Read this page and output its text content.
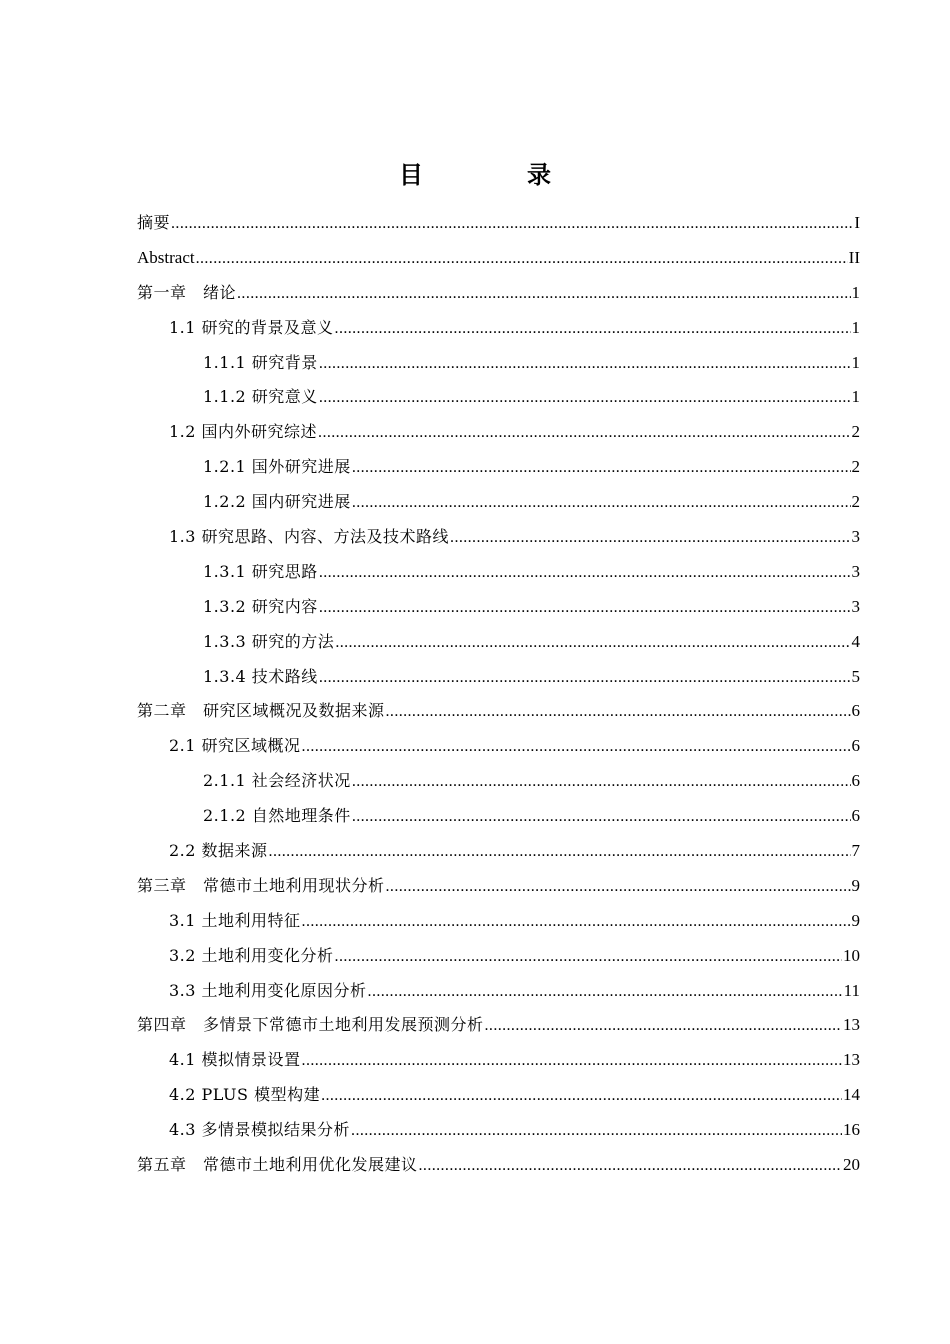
目　录
摘要 .....	I
Abstract .....	II
第一章　绪论 .....	1
1.1 研究的背景及意义 .....	1
1.1.1 研究背景 .....	1
1.1.2 研究意义 .....	1
1.2 国内外研究综述 .....	2
1.2.1 国外研究进展 .....	2
1.2.2 国内研究进展 .....	2
1.3 研究思路、内容、方法及技术路线 .....	3
1.3.1 研究思路 .....	3
1.3.2 研究内容 .....	3
1.3.3 研究的方法 .....	4
1.3.4 技术路线 .....	5
第二章　研究区域概况及数据来源 .....	6
2.1 研究区域概况 .....	6
2.1.1 社会经济状况 .....	6
2.1.2 自然地理条件 .....	6
2.2 数据来源 .....	7
第三章　常德市土地利用现状分析 .....	9
3.1 土地利用特征 .....	9
3.2 土地利用变化分析 .....	10
3.3 土地利用变化原因分析 .....	11
第四章　多情景下常德市土地利用发展预测分析 .....	13
4.1 模拟情景设置 .....	13
4.2 PLUS 模型构建 .....	14
4.3 多情景模拟结果分析 .....	16
第五章　常德市土地利用优化发展建议 .....	20
